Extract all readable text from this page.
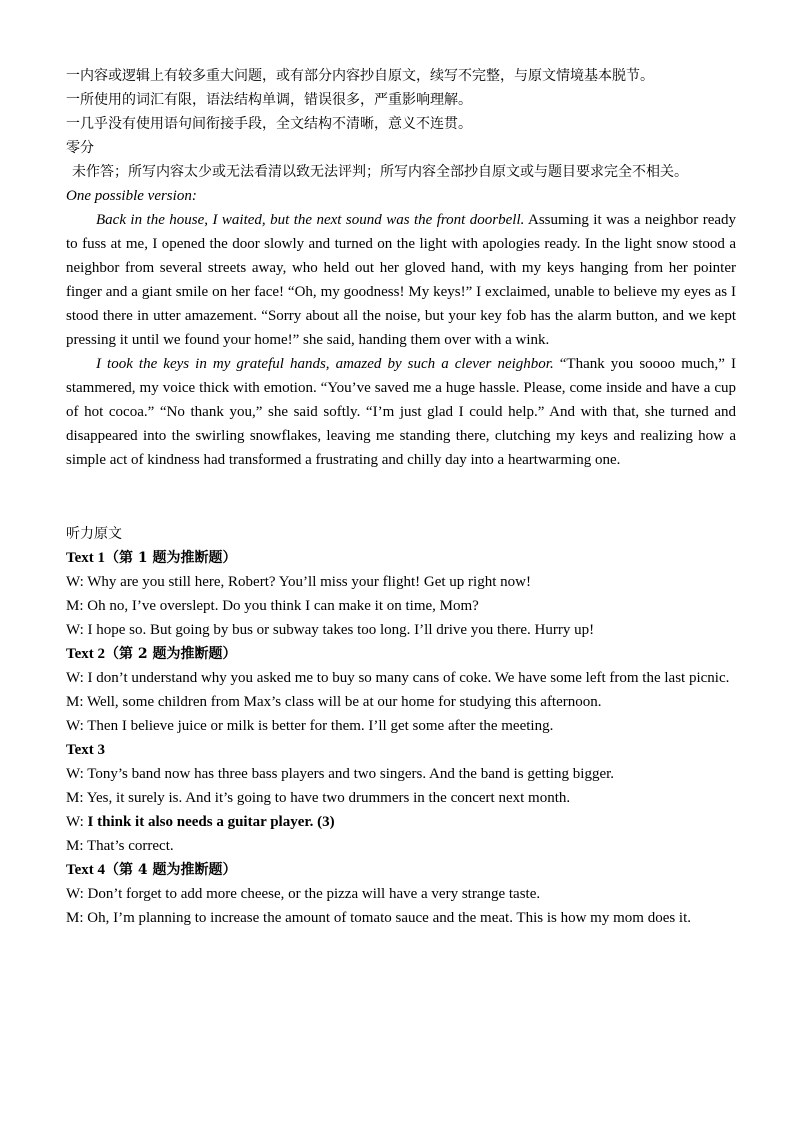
一内容或逻辑上有较多重大问题，或有部分内容抄自原文，续写不完整，与原文情境基本脱节。

一所使用的词汇有限，语法结构单调，错误很多，严重影响理解。

一几乎没有使用语句间衔接手段，全文结构不清晰，意义不连贯。

零分

未作答；所写内容太少或无法看清以致无法评判；所写内容全部抄自原文或与题目要求完全不相关。

One possible version:

Back in the house, I waited, but the next sound was the front doorbell. Assuming it was a neighbor ready to fuss at me, I opened the door slowly and turned on the light with apologies ready. In the light snow stood a neighbor from several streets away, who held out her gloved hand, with my keys hanging from her pointer finger and a giant smile on her face! “Oh, my goodness! My keys!” I exclaimed, unable to believe my eyes as I stood there in utter amazement. “Sorry about all the noise, but your key fob has the alarm button, and we kept pressing it until we found your home!” she said, handing them over with a wink.

I took the keys in my grateful hands, amazed by such a clever neighbor. “Thank you soooo much,” I stammered, my voice thick with emotion. “You’ve saved me a huge hassle. Please, come inside and have a cup of hot cocoa.” “No thank you,” she said softly. “I’m just glad I could help.” And with that, she turned and disappeared into the swirling snowflakes, leaving me standing there, clutching my keys and realizing how a simple act of kindness had transformed a frustrating and chilly day into a heartwarming one.

听力原文

Text 1（第 1 题为推断题）

W: Why are you still here, Robert? You’ll miss your flight! Get up right now!

M: Oh no, I’ve overslept. Do you think I can make it on time, Mom?

W: I hope so. But going by bus or subway takes too long. I’ll drive you there. Hurry up!

Text 2（第 2 题为推断题）

W: I don’t understand why you asked me to buy so many cans of coke. We have some left from the last picnic.

M: Well, some children from Max’s class will be at our home for studying this afternoon.

W: Then I believe juice or milk is better for them. I’ll get some after the meeting.

Text 3

W: Tony’s band now has three bass players and two singers. And the band is getting bigger.

M: Yes, it surely is. And it’s going to have two drummers in the concert next month.

W: I think it also needs a guitar player. (3)

M: That’s correct.

Text 4（第 4 题为推断题）

W: Don’t forget to add more cheese, or the pizza will have a very strange taste.

M: Oh, I’m planning to increase the amount of tomato sauce and the meat. This is how my mom does it.
